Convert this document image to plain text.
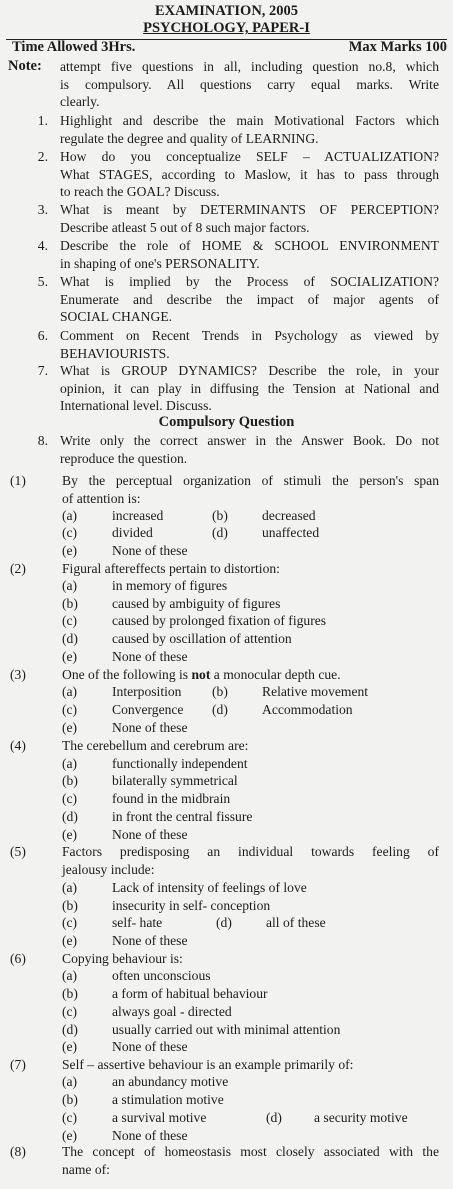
EXAMINATION, 2005
PSYCHOLOGY, PAPER-I
Time Allowed 3Hrs.	Max Marks 100
Note: attempt five questions in all, including question no.8, which
is compulsory. All questions carry equal marks. Write
clearly.
1. Highlight and describe the main Motivational Factors which
regulate the degree and quality of LEARNING.
2. How do you conceptualize SELF – ACTUALIZATION?
What STAGES, according to Maslow, it has to pass through
to reach the GOAL? Discuss.
3. What is meant by DETERMINANTS OF PERCEPTION?
Describe atleast 5 out of 8 such major factors.
4. Describe the role of HOME & SCHOOL ENVIRONMENT
in shaping of one's PERSONALITY.
5. What is implied by the Process of SOCIALIZATION?
Enumerate and describe the impact of major agents of
SOCIAL CHANGE.
6. Comment on Recent Trends in Psychology as viewed by
BEHAVIOURISTS.
7. What is GROUP DYNAMICS? Describe the role, in your
opinion, it can play in diffusing the Tension at National and
International level. Discuss.
Compulsory Question
8. Write only the correct answer in the Answer Book. Do not
reproduce the question.
(1)	By the perceptual organization of stimuli the person's span
of attention is:
(a)	increased	(b)	decreased
(c)	divided	(d)	unaffected
(e)	None of these
(2)	Figural aftereffects pertain to distortion:
(a)	in memory of figures
(b)	caused by ambiguity of figures
(c)	caused by prolonged fixation of figures
(d)	caused by oscillation of attention
(e)	None of these
(3)	One of the following is not a monocular depth cue.
(a)	Interposition (b)	Relative movement
(c)	Convergence (d)	Accommodation
(e)	None of these
(4)	The cerebellum and cerebrum are:
(a)	functionally independent
(b)	bilaterally symmetrical
(c)	found in the midbrain
(d)	in front the central fissure
(e)	None of these
(5)	Factors predisposing an individual towards feeling of
jealousy include:
(a)	Lack of intensity of feelings of love
(b)	insecurity in self- conception
(c)	self- hate	(d)	all of these
(e)	None of these
(6)	Copying behaviour is:
(a)	often unconscious
(b)	a form of habitual behaviour
(c)	always goal - directed
(d)	usually carried out with minimal attention
(e)	None of these
(7)	Self – assertive behaviour is an example primarily of:
(a)	an abundancy motive
(b)	a stimulation motive
(c)	a survival motive	(d) a security motive
(e)	None of these
(8)	The concept of homeostasis most closely associated with the
name of:
